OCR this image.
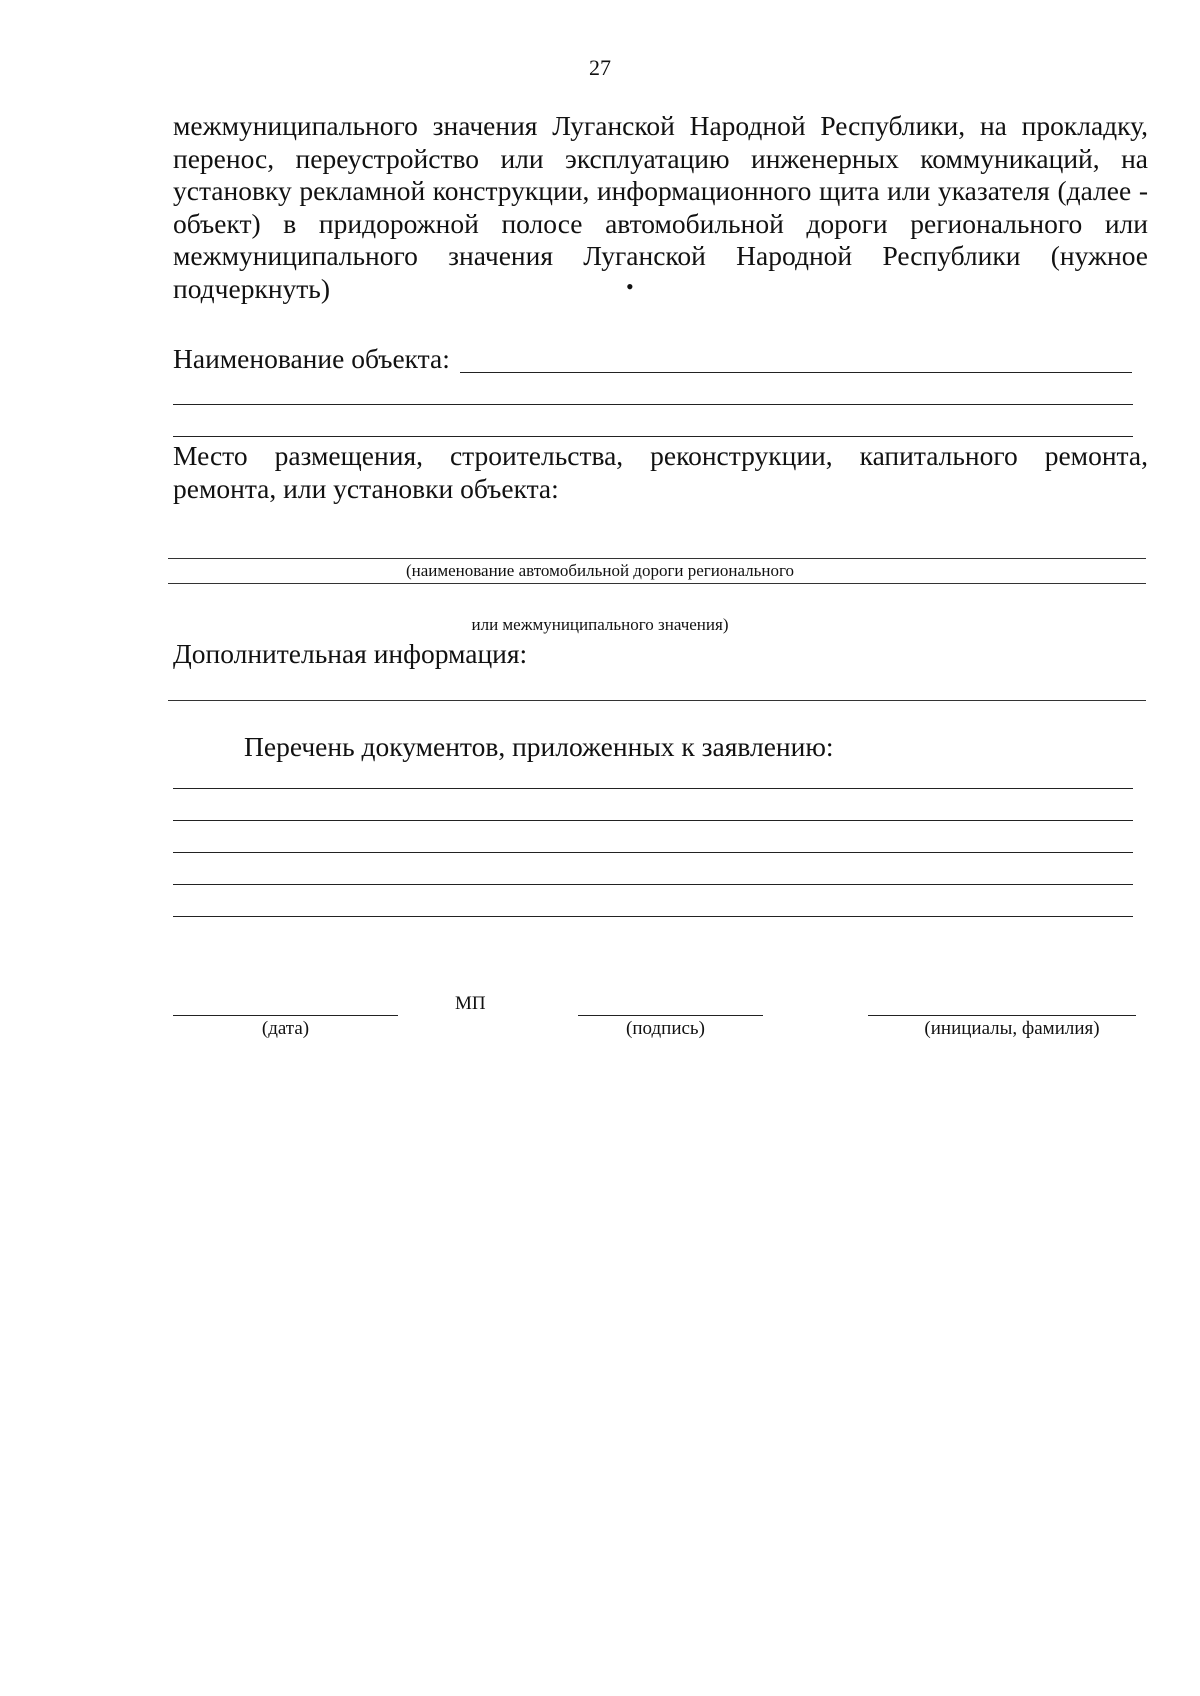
27
межмуниципального значения Луганской Народной Республики, на прокладку, перенос, переустройство или эксплуатацию инженерных коммуникаций, на установку рекламной конструкции, информационного щита или указателя (далее - объект) в придорожной полосе автомобильной дороги регионального или межмуниципального значения Луганской Народной Республики (нужное подчеркнуть)	•
Наименование объекта:
Место размещения, строительства, реконструкции, капитального ремонта, ремонта, или установки объекта:
(наименование автомобильной дороги регионального
или межмуниципального значения)
Дополнительная информация:
Перечень документов, приложенных к заявлению:
(дата)
МП
(подпись)	(инициалы, фамилия)
